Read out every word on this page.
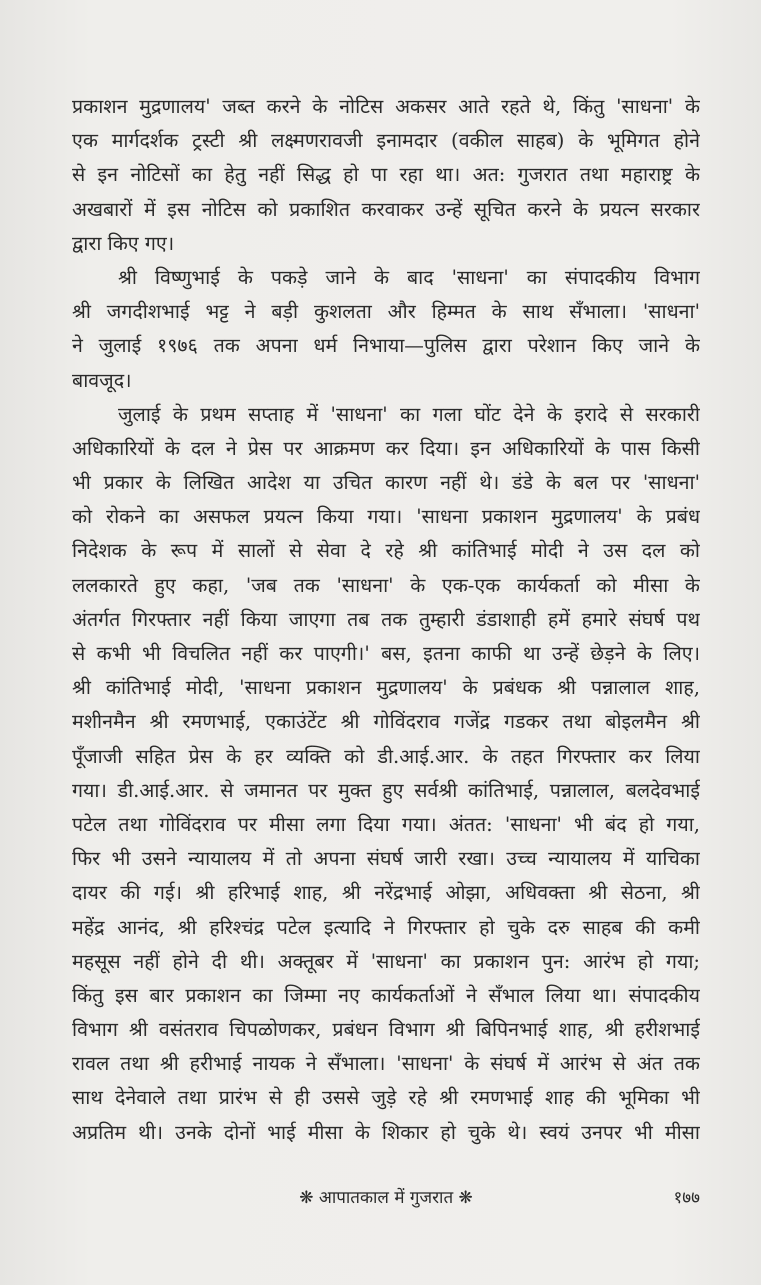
प्रकाशन मुद्रणालय' जब्त करने के नोटिस अकसर आते रहते थे, किंतु 'साधना' के
एक मार्गदर्शक ट्रस्टी श्री लक्ष्मणरावजी इनामदार (वकील साहब) के भूमिगत होने
से इन नोटिसों का हेतु नहीं सिद्ध हो पा रहा था। अत: गुजरात तथा महाराष्ट्र के
अखबारों में इस नोटिस को प्रकाशित करवाकर उन्हें सूचित करने के प्रयत्न सरकार
द्वारा किए गए।
श्री विष्णुभाई के पकड़े जाने के बाद 'साधना' का संपादकीय विभाग
श्री जगदीशभाई भट्ट ने बड़ी कुशलता और हिम्मत के साथ सँभाला। 'साधना'
ने जुलाई १९७६ तक अपना धर्म निभाया—पुलिस द्वारा परेशान किए जाने के
बावजूद।
जुलाई के प्रथम सप्ताह में 'साधना' का गला घोंट देने के इरादे से सरकारी
अधिकारियों के दल ने प्रेस पर आक्रमण कर दिया। इन अधिकारियों के पास किसी
भी प्रकार के लिखित आदेश या उचित कारण नहीं थे। डंडे के बल पर 'साधना'
को रोकने का असफल प्रयत्न किया गया। 'साधना प्रकाशन मुद्रणालय' के प्रबंध
निदेशक के रूप में सालों से सेवा दे रहे श्री कांतिभाई मोदी ने उस दल को
ललकारते हुए कहा, 'जब तक 'साधना' के एक-एक कार्यकर्ता को मीसा के
अंतर्गत गिरफ्तार नहीं किया जाएगा तब तक तुम्हारी डंडाशाही हमें हमारे संघर्ष पथ
से कभी भी विचलित नहीं कर पाएगी।' बस, इतना काफी था उन्हें छेड़ने के लिए।
श्री कांतिभाई मोदी, 'साधना प्रकाशन मुद्रणालय' के प्रबंधक श्री पन्नालाल शाह,
मशीनमैन श्री रमणभाई, एकाउंटेंट श्री गोविंदराव गजेंद्र गडकर तथा बोइलमैन श्री
पूँजाजी सहित प्रेस के हर व्यक्ति को डी.आई.आर. के तहत गिरफ्तार कर लिया
गया। डी.आई.आर. से जमानत पर मुक्त हुए सर्वश्री कांतिभाई, पन्नालाल, बलदेवभाई
पटेल तथा गोविंदराव पर मीसा लगा दिया गया। अंतत: 'साधना' भी बंद हो गया,
फिर भी उसने न्यायालय में तो अपना संघर्ष जारी रखा। उच्च न्यायालय में याचिका
दायर की गई। श्री हरिभाई शाह, श्री नरेंद्रभाई ओझा, अधिवक्ता श्री सेठना, श्री
महेंद्र आनंद, श्री हरिश्चंद्र पटेल इत्यादि ने गिरफ्तार हो चुके दरु साहब की कमी
महसूस नहीं होने दी थी। अक्तूबर में 'साधना' का प्रकाशन पुन: आरंभ हो गया;
किंतु इस बार प्रकाशन का जिम्मा नए कार्यकर्ताओं ने सँभाल लिया था। संपादकीय
विभाग श्री वसंतराव चिपळोणकर, प्रबंधन विभाग श्री बिपिनभाई शाह, श्री हरीशभाई
रावल तथा श्री हरीभाई नायक ने सँभाला। 'साधना' के संघर्ष में आरंभ से अंत तक
साथ देनेवाले तथा प्रारंभ से ही उससे जुड़े रहे श्री रमणभाई शाह की भूमिका भी
अप्रतिम थी। उनके दोनों भाई मीसा के शिकार हो चुके थे। स्वयं उनपर भी मीसा
❋ आपातकाल में गुजरात ❋	१७७
